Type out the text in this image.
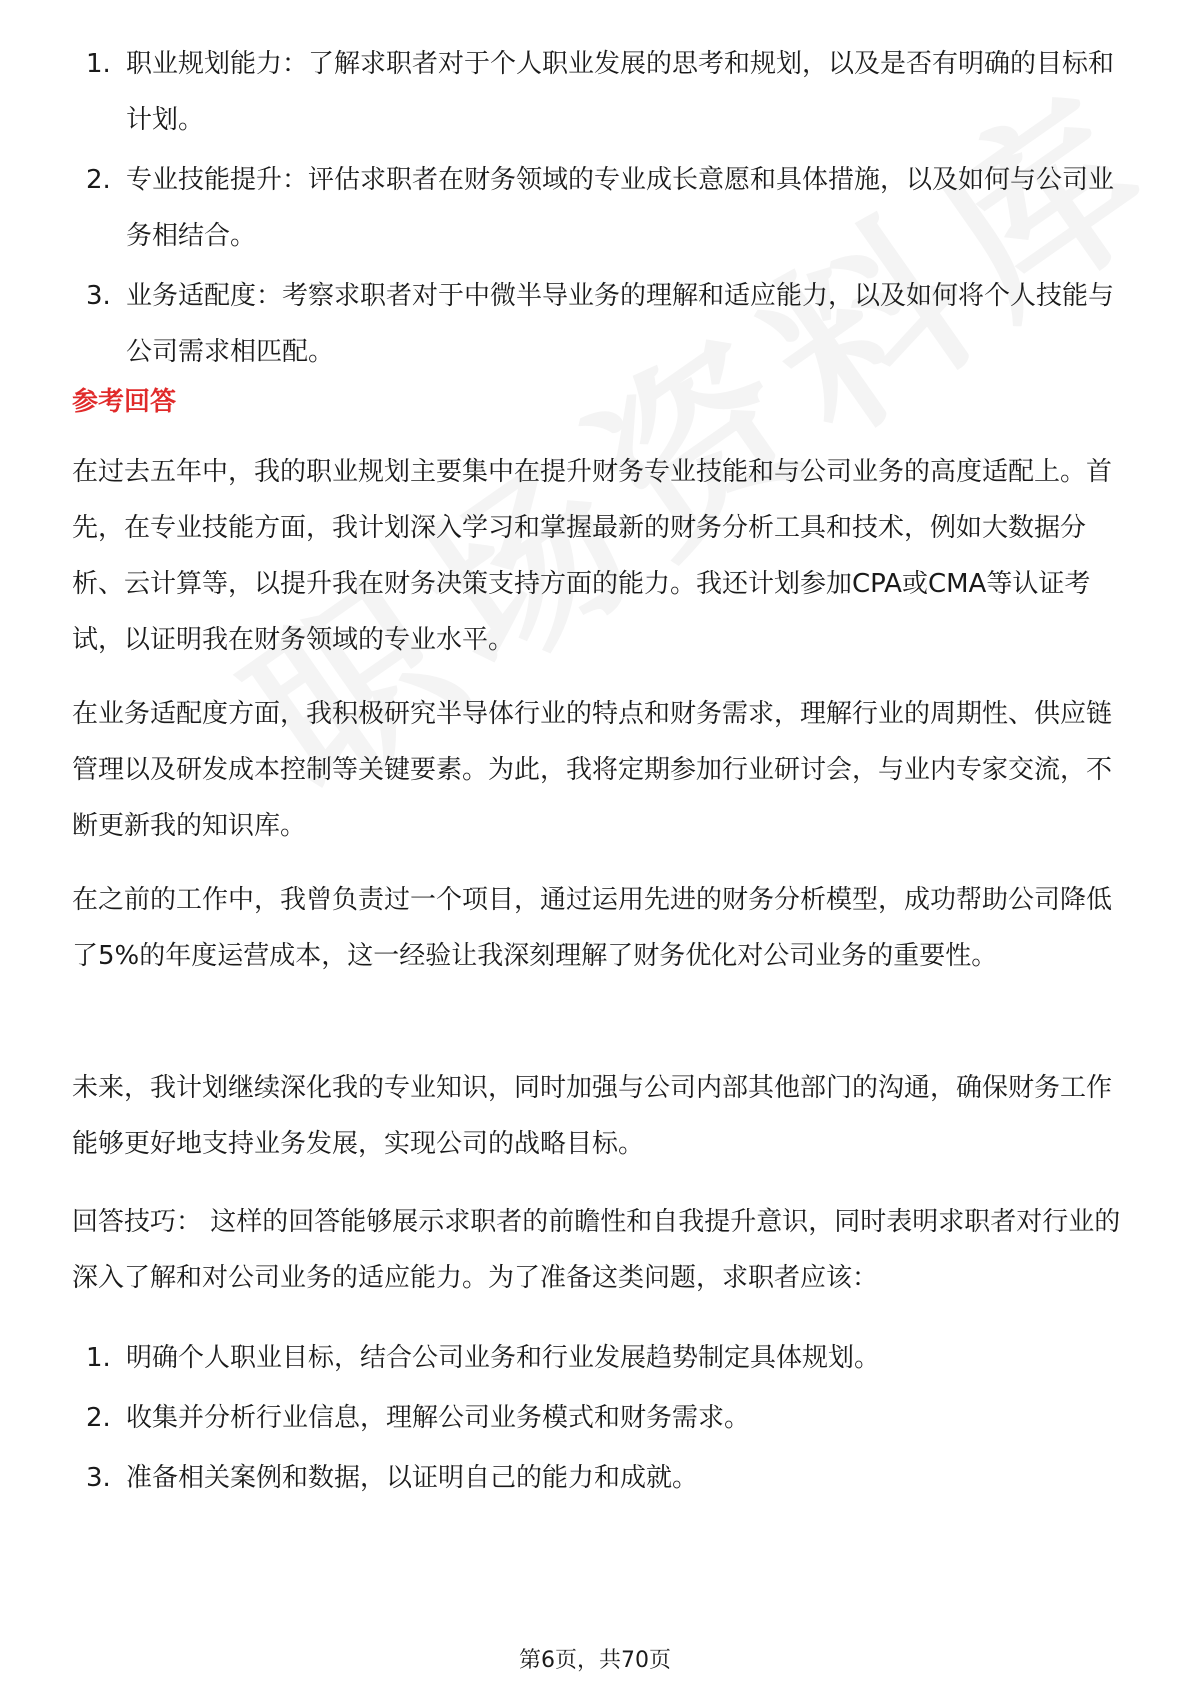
1. 职业规划能力：了解求职者对于个人职业发展的思考和规划，以及是否有明确的目标和计划。
2. 专业技能提升：评估求职者在财务领域的专业成长意愿和具体措施，以及如何与公司业务相结合。
3. 业务适配度：考察求职者对于中微半导业务的理解和适应能力，以及如何将个人技能与公司需求相匹配。
参考回答
在过去五年中，我的职业规划主要集中在提升财务专业技能和与公司业务的高度适配上。首先，在专业技能方面，我计划深入学习和掌握最新的财务分析工具和技术，例如大数据分析、云计算等，以提升我在财务决策支持方面的能力。我还计划参加CPA或CMA等认证考试，以证明我在财务领域的专业水平。
在业务适配度方面，我积极研究半导体行业的特点和财务需求，理解行业的周期性、供应链管理以及研发成本控制等关键要素。为此，我将定期参加行业研讨会，与业内专家交流，不断更新我的知识库。
在之前的工作中，我曾负责过一个项目，通过运用先进的财务分析模型，成功帮助公司降低了5%的年度运营成本，这一经验让我深刻理解了财务优化对公司业务的重要性。
未来，我计划继续深化我的专业知识，同时加强与公司内部其他部门的沟通，确保财务工作能够更好地支持业务发展，实现公司的战略目标。
回答技巧： 这样的回答能够展示求职者的前瞻性和自我提升意识，同时表明求职者对行业的深入了解和对公司业务的适应能力。为了准备这类问题，求职者应该：
1. 明确个人职业目标，结合公司业务和行业发展趋势制定具体规划。
2. 收集并分析行业信息，理解公司业务模式和财务需求。
3. 准备相关案例和数据，以证明自己的能力和成就。
第6页，共70页
